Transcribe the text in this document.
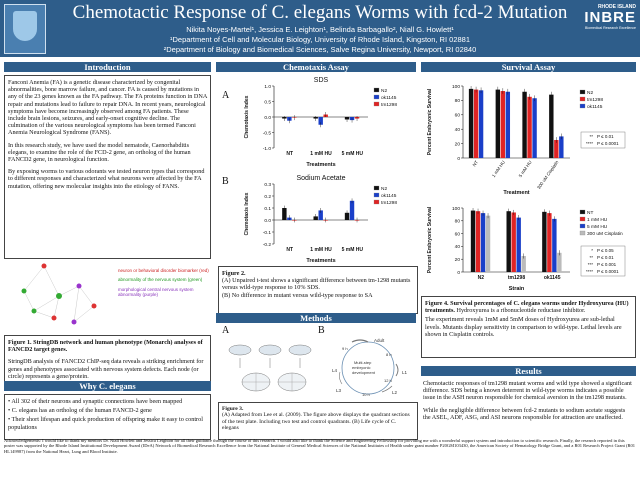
Chemotactic Response of C. elegans Worms with fcd-2 Mutation
Nikita Noyes-Martel¹, Jessica E. Leighton¹, Belinda Barbagallo², Niall G. Howlett¹
¹Department of Cell and Molecular Biology, University of Rhode Island, Kingston, RI 02881
²Department of Biology and Biomedical Sciences, Salve Regina University, Newport, RI 02840
RHODE ISLAND
INBRE
Biomedical Research Excellence
Introduction

Fanconi Anemia (FA) is a genetic disease characterized by congenital abnormalities, bone marrow failure, and cancer. FA is caused by mutations in any of the 23 genes known as the FA pathway. The FA proteins function in DNA repair and mutations lead to failure to repair DNA. In recent years, neurological symptoms have become increasingly observed among FA patients. These include brain lesions, seizures, and early-onset cognitive decline. The culmination of the various neurological symptoms has been termed Fanconi Anemia Neurological Syndrome (FANS).

In this research study, we have used the model nematode, Caenorhabditis elegans, to examine the role of the FCD-2 gene, an ortholog of the human FANCD2 gene, in neurological function.

By exposing worms to various odorants we tested neuron types that correspond to different responses and characterized what neurons were affected by the FA mutation, offering new molecular insights into the etiology of FANS.

neuron or behavioral disorder biomarker (red)
abnormality of the nervous system (green)
morphological central nervous system abnormality (purple)

Figure 1. StringDB network and human phenotype (Monarch) analyses of FANCD2 target genes.

StringDB analysis of FANCD2 ChIP-seq data reveals a striking enrichment for genes and phenotypes associated with nervous system defects. Each node (or circle) represents a gene/protein.

Why C. elegans
• All 302 of their neurons and synaptic connections have been mapped
• C. elegans has an ortholog of the human FANCD-2 gene
• Their short lifespan and quick production of offspring make it easy to control populations
Chemotaxis Assay
A
B
SDS
-1.0
-0.5
0.0
0.5
1.0
Chemotaxis Index
NT	1 mM HU 5 mM HU
Treatments
N2
ok1145
tm1298
Sodium Acetate
-0.2
-0.1
0.0
0.1
0.2
0.3
Chemotaxis Index
NT	1 mM HU 5 mM HU
Treatments
N2
ok1145
tm1298
Figure 2.
(A) Unpaired t-test shows a significant difference between tm-1298 mutants versus wild-type response to 10% SDS.
(B) No difference in mutant versus wild-type response to SA
Methods
A	B
Adult
Multi-step embryonic development	L1
L2
L3
L4
12 h
8 h
10 h
9 h
Figure 3.
(A) Adapted from Lee et al. (2009). The figure above displays the quadrant sections of the test plate. Including two test and control quadrants. (B) Life cycle of C. elegans
Survival Assay
0
20
40
60
80
100
Percent Embryonic Survival
NT	1 mM HU	5 mM HU 300 uM Cisplatin
Treatment
N2
tm1298
ok1145
** P ≤ 0.01
**** P ≤ 0.0001
0
20
40
60
80
100
Percent Embryonic Survival
N2	tm1298	ok1145
Strain
NT
1 mM HU
5 mM HU
300 uM Cisplatin
* P ≤ 0.05
** P ≤ 0.01
*** P ≤ 0.001
**** P ≤ 0.0001

Figure 4. Survival percentages of C. elegans worms under Hydroxyurea (HU) treatments. Hydroxyurea is a ribonucleotide reductase inhibitor.

The experiment reveals 1mM and 5mM doses of Hydroxyurea are sub-lethal levels. Mutants display sensitivity in comparison to wild-type. Lethal levels are shown in Cisplatin controls.

Results

Chemotactic responses of tm1298 mutant worms and wild type showed a significant difference. SDS being a known deterrent in wild-type worms indicates a possible issue in the ASH neuron responsible for chemical aversion in the tm1298 mutants.

While the negligible difference between fcd-2 mutants to sodium acetate suggests the ASEL, ADF, ASG, and ASI neurons responsible for attraction are unaffected.

Acknowledgements: I would like to thank my mentors Dr. Niall Howlett and Jessica Leighton for all their guidance through the course of this research. I would also like to thank the Science and Engineering Fellowship for providing me with a wonderful support system and introduction to scientific research. Finally, the research reported in this poster was supported by the Rhode Island Institutional Development Award (IDeA) Network of Biomedical Research Excellence from the National Institute of General Medical Sciences of the National Institutes of Health under grant number P20GM103430, the American Society of Hematology Bridge Grant, and a R01 Research Project Grant (R01 HL149987) from the National Heart, Lung and Blood Institute.
